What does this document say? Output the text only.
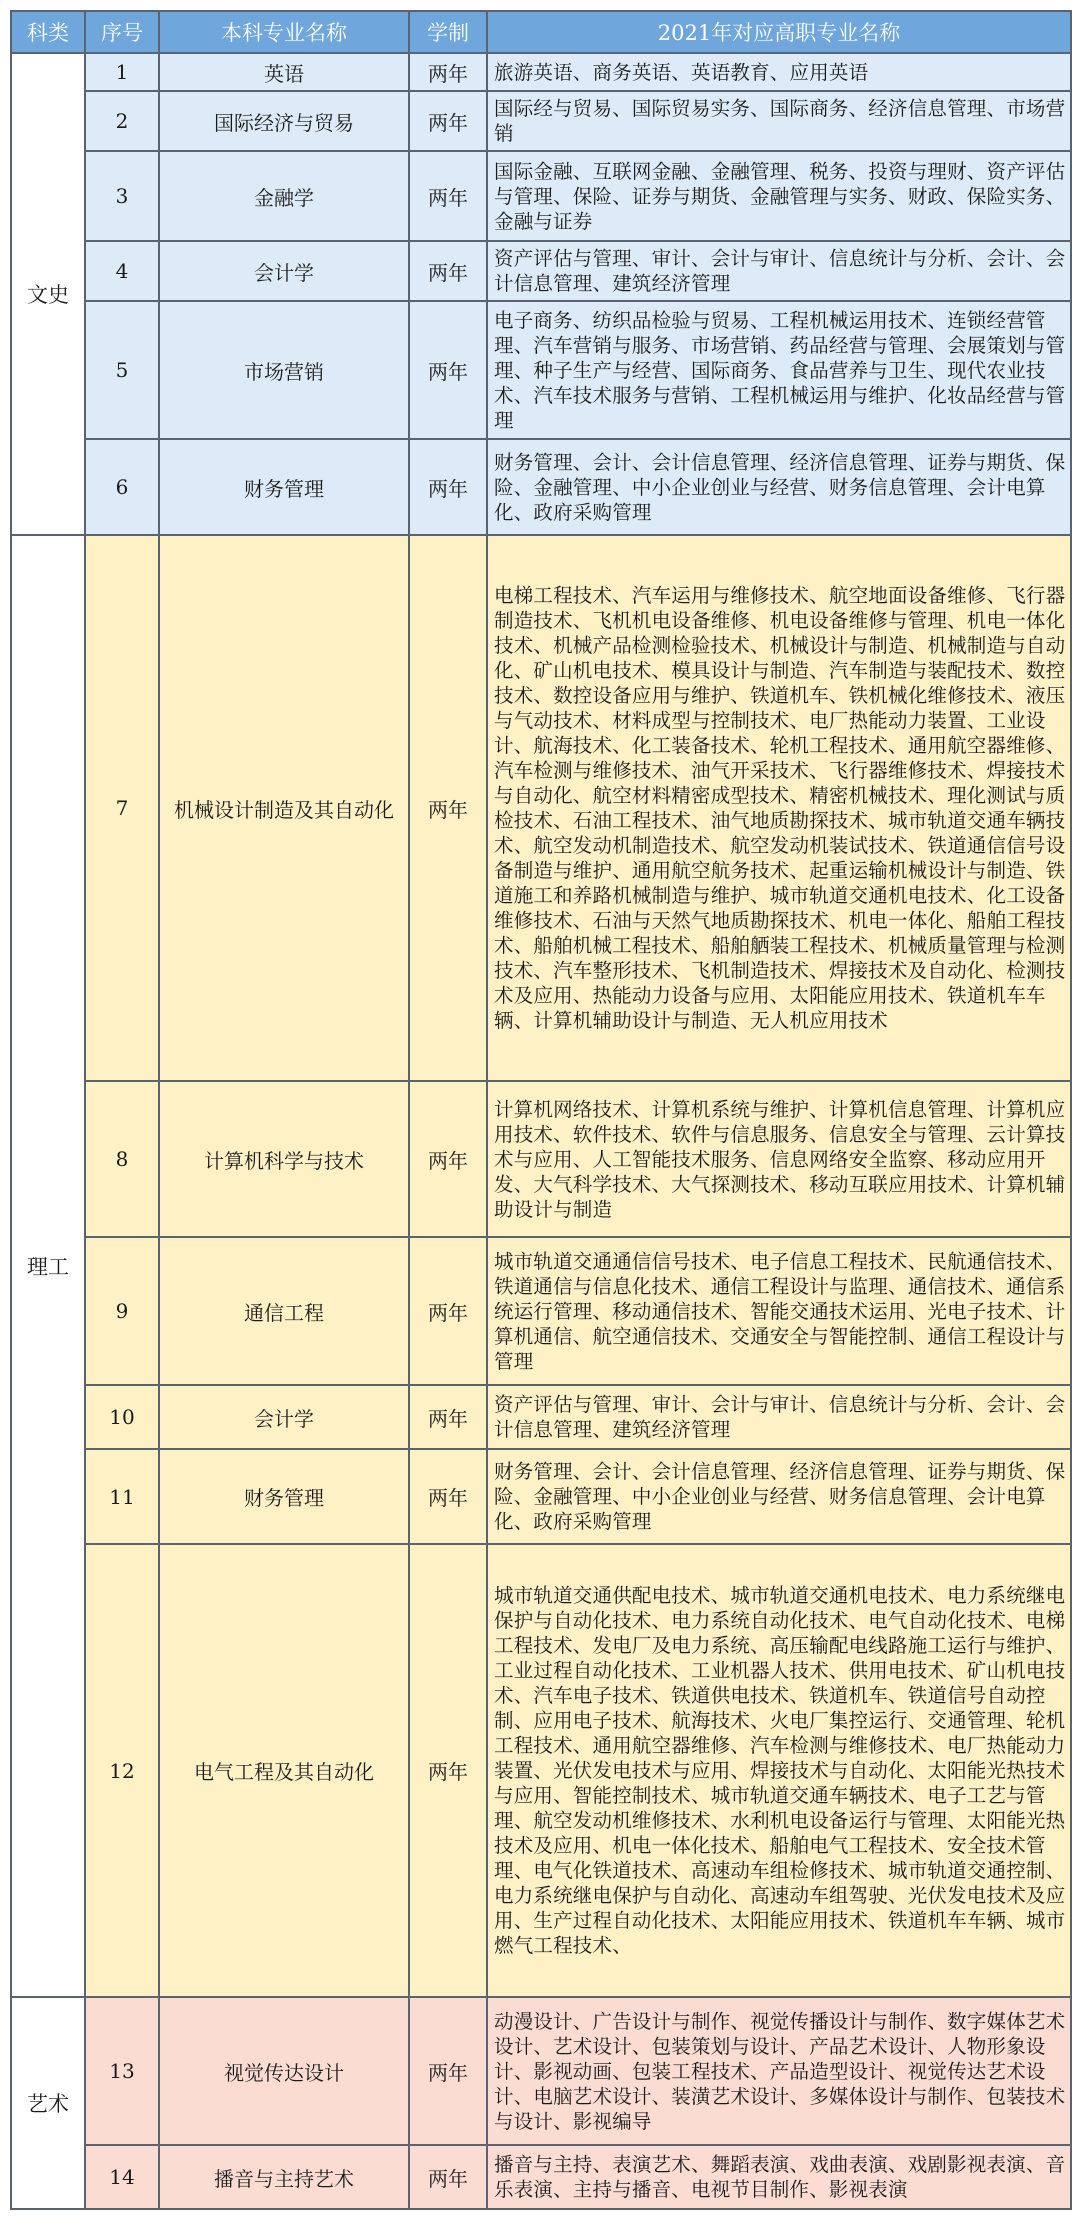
科类	序号	本科专业名称	学制	2021年对应高职专业名称
文史	1	英语	两年	旅游英语、商务英语、英语教育、应用英语
	2	国际经济与贸易	两年	国际经与贸易、国际贸易实务、国际商务、经济信息管理、市场营销
	3	金融学	两年	国际金融、互联网金融、金融管理、税务、投资与理财、资产评估与管理、保险、证券与期货、金融管理与实务、财政、保险实务、金融与证券
	4	会计学	两年	资产评估与管理、审计、会计与审计、信息统计与分析、会计、会计信息管理、建筑经济管理
	5	市场营销	两年	电子商务、纺织品检验与贸易、工程机械运用技术、连锁经营管理、汽车营销与服务、市场营销、药品经营与管理、会展策划与管理、种子生产与经营、国际商务、食品营养与卫生、现代农业技术、汽车技术服务与营销、工程机械运用与维护、化妆品经营与管理
	6	财务管理	两年	财务管理、会计、会计信息管理、经济信息管理、证券与期货、保险、金融管理、中小企业创业与经营、财务信息管理、会计电算化、政府采购管理
理工	7	机械设计制造及其自动化	两年	电梯工程技术、汽车运用与维修技术、航空地面设备维修、飞行器制造技术、飞机机电设备维修、机电设备维修与管理、机电一体化技术、机械产品检测检验技术、机械设计与制造、机械制造与自动化、矿山机电技术、模具设计与制造、汽车制造与装配技术、数控技术、数控设备应用与维护、铁道机车、铁机械化维修技术、液压与气动技术、材料成型与控制技术、电厂热能动力装置、工业设计、航海技术、化工装备技术、轮机工程技术、通用航空器维修、汽车检测与维修技术、油气开采技术、飞行器维修技术、焊接技术与自动化、航空材料精密成型技术、精密机械技术、理化测试与质检技术、石油工程技术、油气地质勘探技术、城市轨道交通车辆技术、航空发动机制造技术、航空发动机装试技术、铁道通信信号设备制造与维护、通用航空航务技术、起重运输机械设计与制造、铁道施工和养路机械制造与维护、城市轨道交通机电技术、化工设备维修技术、石油与天然气地质勘探技术、机电一体化、船舶工程技术、船舶机械工程技术、船舶舾装工程技术、机械质量管理与检测技术、汽车整形技术、飞机制造技术、焊接技术及自动化、检测技术及应用、热能动力设备与应用、太阳能应用技术、铁道机车车辆、计算机辅助设计与制造、无人机应用技术
	8	计算机科学与技术	两年	计算机网络技术、计算机系统与维护、计算机信息管理、计算机应用技术、软件技术、软件与信息服务、信息安全与管理、云计算技术与应用、人工智能技术服务、信息网络安全监察、移动应用开发、大气科学技术、大气探测技术、移动互联应用技术、计算机辅助设计与制造
	9	通信工程	两年	城市轨道交通通信信号技术、电子信息工程技术、民航通信技术、铁道通信与信息化技术、通信工程设计与监理、通信技术、通信系统运行管理、移动通信技术、智能交通技术运用、光电子技术、计算机通信、航空通信技术、交通安全与智能控制、通信工程设计与管理
	10	会计学	两年	资产评估与管理、审计、会计与审计、信息统计与分析、会计、会计信息管理、建筑经济管理
	11	财务管理	两年	财务管理、会计、会计信息管理、经济信息管理、证券与期货、保险、金融管理、中小企业创业与经营、财务信息管理、会计电算化、政府采购管理
	12	电气工程及其自动化	两年	城市轨道交通供配电技术、城市轨道交通机电技术、电力系统继电保护与自动化技术、电力系统自动化技术、电气自动化技术、电梯工程技术、发电厂及电力系统、高压输配电线路施工运行与维护、工业过程自动化技术、工业机器人技术、供用电技术、矿山机电技术、汽车电子技术、铁道供电技术、铁道机车、铁道信号自动控制、应用电子技术、航海技术、火电厂集控运行、交通管理、轮机工程技术、通用航空器维修、汽车检测与维修技术、电厂热能动力装置、光伏发电技术与应用、焊接技术与自动化、太阳能光热技术与应用、智能控制技术、城市轨道交通车辆技术、电子工艺与管理、航空发动机维修技术、水利机电设备运行与管理、太阳能光热技术及应用、机电一体化技术、船舶电气工程技术、安全技术管理、电气化铁道技术、高速动车组检修技术、城市轨道交通控制、电力系统继电保护与自动化、高速动车组驾驶、光伏发电技术及应用、生产过程自动化技术、太阳能应用技术、铁道机车车辆、城市燃气工程技术、
艺术	13	视觉传达设计	两年	动漫设计、广告设计与制作、视觉传播设计与制作、数字媒体艺术设计、艺术设计、包装策划与设计、产品艺术设计、人物形象设计、影视动画、包装工程技术、产品造型设计、视觉传达艺术设计、电脑艺术设计、装潢艺术设计、多媒体设计与制作、包装技术与设计、影视编导
	14	播音与主持艺术	两年	播音与主持、表演艺术、舞蹈表演、戏曲表演、戏剧影视表演、音乐表演、主持与播音、电视节目制作、影视表演
